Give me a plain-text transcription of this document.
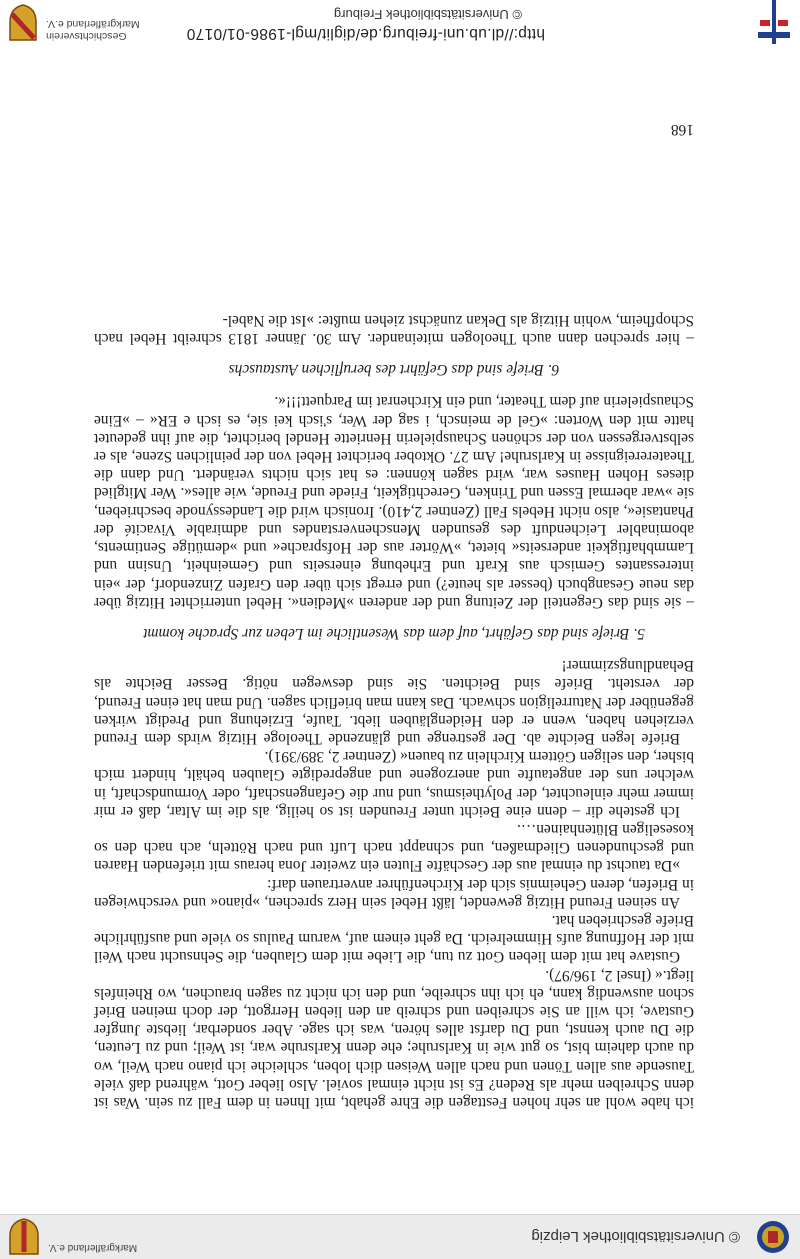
© Universitätsbibliothek Leipzig
Markgräflerland e.V.

ich habe wohl an sehr hohen Festtagen die Ehre gehabt, mit Ihnen in dem Fall zu sein. Was ist denn Schreiben mehr als Reden? Es ist nicht einmal soviel. Also lieber Gott, während daß viele Tausende aus allen Tönen und nach allen Weisen dich loben, schleiche ich piano nach Weil, wo du auch daheim bist, so gut wie in Karlsruhe; ehe denn Karlsruhe war, ist Weil; und zu Leuten, die Du auch kennst, und Du darfst alles hören, was ich sage. Aber sonderbar, liebste Jungfer Gustave, ich will an Sie schreiben und schreib an den lieben Herrgott, der doch meinen Brief schon auswendig kann, eh ich ihn schreibe, und den ich nicht zu sagen brauchen, wo Rheinfels liegt.« (Insel 2, 196/97).

Gustave hat mit dem lieben Gott zu tun, die Liebe mit dem Glauben, die Sehnsucht nach Weil mit der Hoffnung aufs Himmelreich. Da geht einem auf, warum Paulus so viele und ausführliche Briefe geschrieben hat.

An seinen Freund Hitzig gewendet, läßt Hebel sein Herz sprechen, »piano« und verschwiegen in Briefen, deren Geheimnis sich der Kirchenführer anvertrauen darf:

»Da tauchst du einmal aus der Geschäfte Fluten ein zweiter Jona heraus mit triefenden Haaren und geschundenen Gliedmaßen, und schnappt nach Luft und nach Rötteln, ach nach den so koseseligen Blütenhainen….

Ich gestehe dir – denn eine Beicht unter Freunden ist so heilig, als die im Altar, daß er mir immer mehr einleuchtet, der Polytheismus, und nur die Gefangenschaft, oder Vormundschaft, in welcher uns der angetaufte und anerzogene und angepredigte Glauben behält, hindert mich bisher, den seligen Göttern Kirchlein zu bauen« (Zentner 2, 389/391).

Briefe legen Beichte ab. Der gestrenge und glänzende Theologe Hitzig wirds dem Freund verziehen haben, wenn er den Heidengläuben liebt. Taufe, Erziehung und Predigt wirken gegenüber der Naturreligion schwach. Das kann man brieflich sagen. Und man hat einen Freund, der versteht. Briefe sind Beichten. Sie sind deswegen nötig. Besser Beichte als Behandlungszimmer!

5. Briefe sind das Gefährt, auf dem das Wesentliche im Leben zur Sprache kommt

– sie sind das Gegenteil der Zeitung und der anderen »Medien«. Hebel unterrichtet Hitzig über das neue Gesangbuch (besser als heute?) und erregt sich über den Grafen Zinzendorf, der »ein interessantes Gemisch aus Kraft und Erhebung einerseits und Gemeinheit, Unsinn und Lammbhaftigkeit anderseits« bietet, »Wörter aus der Hofsprache« und »demütige Sentiments, abominabler Leichenduft des gesunden Menschenverstandes und admirable Vivacité der Phantasie«, also nicht Hebels Fall (Zentner 2,410). Ironisch wird die Landessynode beschrieben, sie »war abermal Essen und Trinken, Gerechtigkeit, Friede und Freude, wie alles«. Wer Mitglied dieses Hohen Hauses war, wird sagen können: es hat sich nichts verändert. Und dann die Theaterereignisse in Karlsruhe! Am 27. Oktober berichtet Hebel von der peinlichen Szene, als er selbstvergessen von der schönen Schauspielerin Henriette Hendel berichtet, die auf ihn gedeutet hatte mit den Worten: »Gel de meinsch, i sag der Wer, s'isch kei sie, es isch e ER« – »Eine Schauspielerin auf dem Theater, und ein Kirchenrat im Parquett!!!«.

6. Briefe sind das Gefährt des beruflichen Austauschs

– hier sprechen dann auch Theologen miteinander. Am 30. Jänner 1813 schreibt Hebel nach Schopfheim, wohin Hitzig als Dekan zunächst ziehen mußte: »Ist die Nabel-

168
http://dl.ub.uni-freiburg.de/diglit/mgl-1986-01/0170
© Universitätsbibliothek Freiburg
Geschichtsverein
Markgräflerland e.V.
